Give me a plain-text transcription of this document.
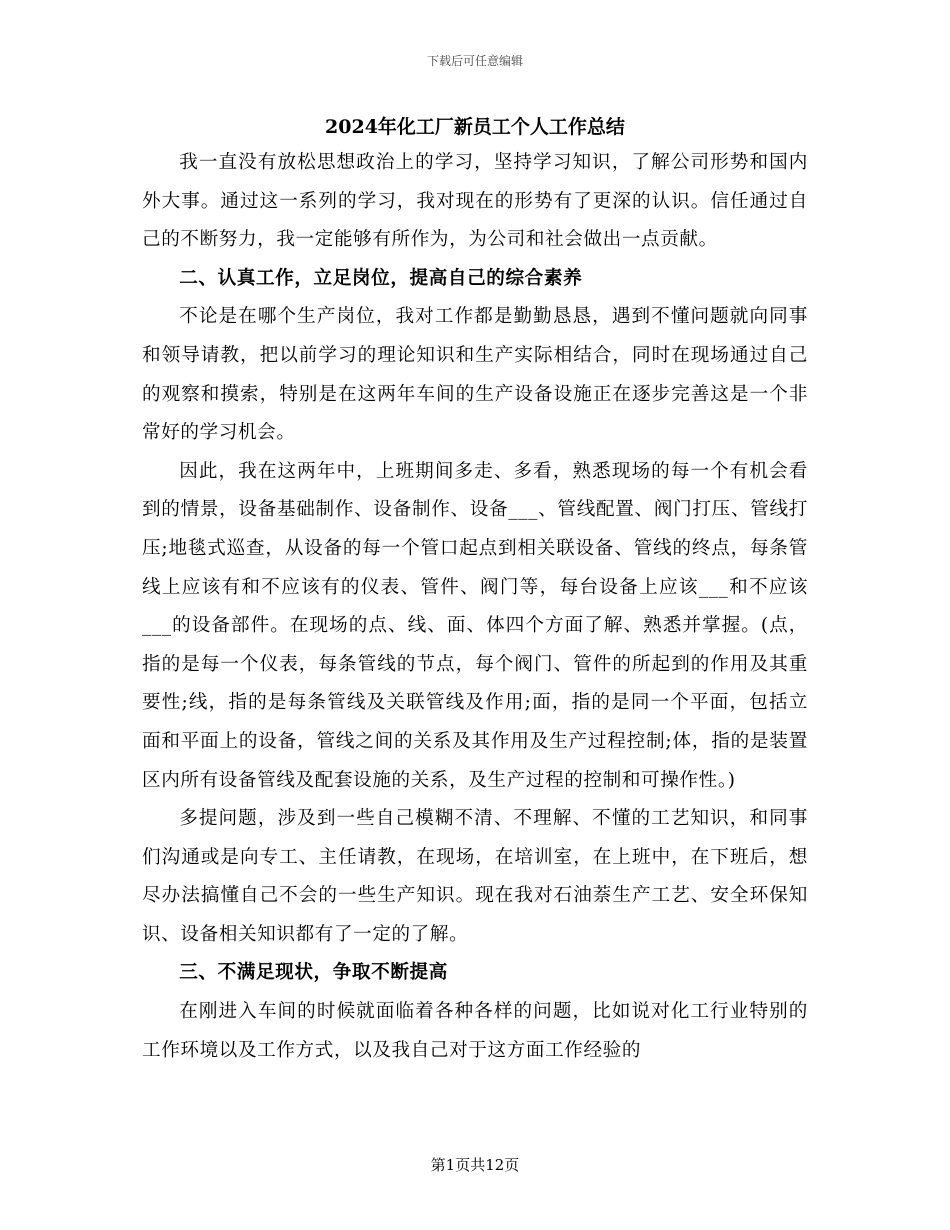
下载后可任意编辑
2024年化工厂新员工个人工作总结

我一直没有放松思想政治上的学习，坚持学习知识，了解公司形势和国内外大事。通过这一系列的学习，我对现在的形势有了更深的认识。信任通过自己的不断努力，我一定能够有所作为，为公司和社会做出一点贡献。

二、认真工作，立足岗位，提高自己的综合素养

不论是在哪个生产岗位，我对工作都是勤勤恳恳，遇到不懂问题就向同事和领导请教，把以前学习的理论知识和生产实际相结合，同时在现场通过自己的观察和摸索，特别是在这两年车间的生产设备设施正在逐步完善这是一个非常好的学习机会。

因此，我在这两年中，上班期间多走、多看，熟悉现场的每一个有机会看到的情景，设备基础制作、设备制作、设备___、管线配置、阀门打压、管线打压;地毯式巡查，从设备的每一个管口起点到相关联设备、管线的终点，每条管线上应该有和不应该有的仪表、管件、阀门等，每台设备上应该___和不应该___的设备部件。在现场的点、线、面、体四个方面了解、熟悉并掌握。(点，指的是每一个仪表，每条管线的节点，每个阀门、管件的所起到的作用及其重要性;线，指的是每条管线及关联管线及作用;面，指的是同一个平面，包括立面和平面上的设备，管线之间的关系及其作用及生产过程控制;体，指的是装置区内所有设备管线及配套设施的关系，及生产过程的控制和可操作性。)

多提问题，涉及到一些自己模糊不清、不理解、不懂的工艺知识，和同事们沟通或是向专工、主任请教，在现场，在培训室，在上班中，在下班后，想尽办法搞懂自己不会的一些生产知识。现在我对石油萘生产工艺、安全环保知识、设备相关知识都有了一定的了解。

三、不满足现状，争取不断提高

在刚进入车间的时候就面临着各种各样的问题，比如说对化工行业特别的工作环境以及工作方式，以及我自己对于这方面工作经验的

第1页共12页
